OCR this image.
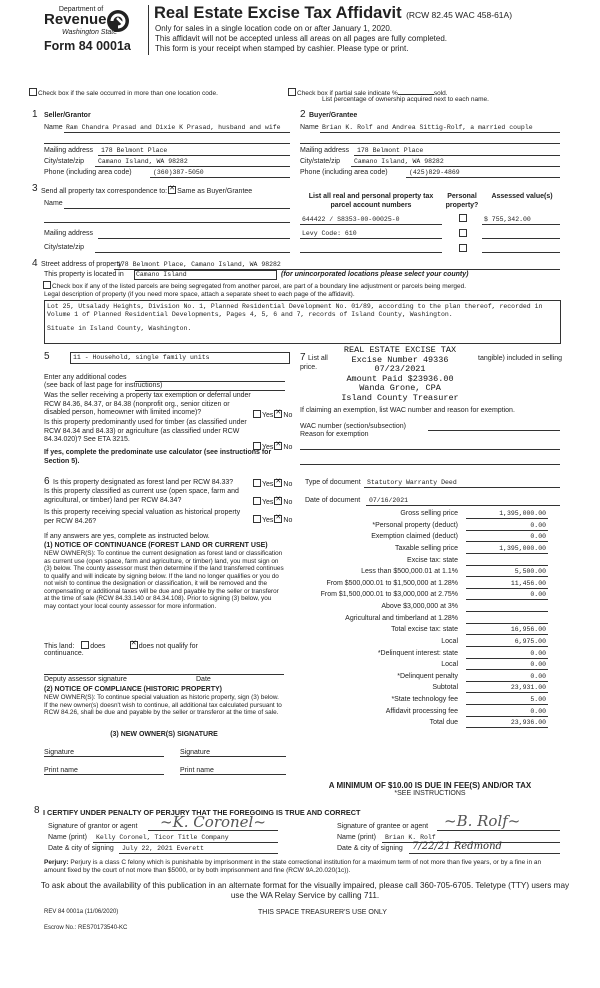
Department of
Revenue
Washington State
Form 84 0001a
Real Estate Excise Tax Affidavit (RCW 82.45 WAC 458-61A)
Only for sales in a single location code on or after January 1, 2020.
This affidavit will not be accepted unless all areas on all pages are fully completed.
This form is your receipt when stamped by cashier. Please type or print.
Check box if the sale occurred in more than one location code.	Check box if partial sale indicate %	sold.
List percentage of ownership acquired next to each name.
1 Seller/Grantor
Name Ram Chandra Prasad and Dixie K Prasad, husband and wife
Mailing address 178 Belmont Place
City/state/zip Camano Island, WA 98282
Phone (including area code)	(360)387-5050
2 Buyer/Grantee
Name Brian K. Rolf and Andrea Sittig-Rolf, a married couple
Mailing address 178 Belmont Place
City/state/zip Camano Island, WA 98282
Phone (including area code)	(425)829-4869
3 Send all property tax correspondence to: ✕ Same as Buyer/Grantee
Name
Mailing address
City/state/zip
List all real and personal property tax parcel account numbers
Personal property?
Assessed value(s)
644422 / S8353-00-00025-0	$ 755,342.00
Levy Code: 610
4 Street address of property
178 Belmont Place, Camano Island, WA 98282
This property is located in	Camano Island	(for unincorporated locations please select your county)
Check box if any of the listed parcels are being segregated from another parcel, are part of a boundary line adjustment or parcels being merged.
Legal description of property (if you need more space, attach a separate sheet to each page of the affidavit).
Lot 25, Utsalady Heights, Division No. 1, Planned Residential Development No. 01/89, according to the plan thereof, recorded in Volume 1 of Planned Residential Developments, Pages 4, 5, 6 and 7, records of Island County, Washington.
Situate in Island County, Washington.
5	11 - Household, single family units
Enter any additional codes
(see back of last page for instructions)
Was the seller receiving a property tax exemption or deferral under RCW 84.36, 84.37, or 84.38 (nonprofit org., senior citizen or disabled person, homeowner with limited income)?	Yes ✕ No
Is this property predominantly used for timber (as classified under RCW 84.34 and 84.33) or agriculture (as classified under RCW 84.34.020)? See ETA 3215.
Yes ✕ No
If yes, complete the predominate use calculator (see instructions for Section 5).
7 List all	tangible) included in selling
price.
REAL ESTATE EXCISE TAX
Excise Number 49336
07/23/2021
Amount Paid $23936.00
Wanda Grone, CPA
Island County Treasurer
If claiming an exemption, list WAC number and reason for exemption.
WAC number (section/subsection)
Reason for exemption
6 Is this property designated as forest land per RCW 84.33?	Yes ✕ No
Is this property classified as current use (open space, farm and agricultural, or timber) land per RCW 84.34?	Yes ✕ No
Is this property receiving special valuation as historical property per RCW 84.26?	Yes ✕ No
If any answers are yes, complete as instructed below.
(1) NOTICE OF CONTINUANCE (FOREST LAND OR CURRENT USE)
NEW OWNER(S): To continue the current designation as forest land or classification as current use (open space, farm and agriculture, or timber) land, you must sign on (3) below. The county assessor must then determine if the land transferred continues to qualify and will indicate by signing below. If the land no longer qualifies or you do not wish to continue the designation or classification, it will be removed and the compensating or additional taxes will be due and payable by the seller or transferor at the time of sale (RCW 84.33.140 or 84.34.108). Prior to signing (3) below, you may contact your local county assessor for more information.
This land: does ✕	does not qualify for
continuance.
Deputy assessor signature	Date
(2) NOTICE OF COMPLIANCE (HISTORIC PROPERTY)
NEW OWNER(S): To continue special valuation as historic property, sign (3) below. If the new owner(s) doesn't wish to continue, all additional tax calculated pursuant to RCW 84.26, shall be due and payable by the seller or transferor at the time of sale.
(3) NEW OWNER(S) SIGNATURE
Signature	Signature
Print name	Print name
Type of document Statutory Warranty Deed
Date of document 07/16/2021
Gross selling price	1,395,000.00
*Personal property (deduct)	0.00
Exemption claimed (deduct)	0.00
Taxable selling price	1,395,000.00
Excise tax: state
Less than $500,000.01 at 1.1%	5,500.00
From $500,000.01 to $1,500,000 at 1.28%	11,456.00
From $1,500,000.01 to $3,000,000 at 2.75%	0.00
Above $3,000,000 at 3%
Agricultural and timberland at 1.28%
Total excise tax: state	16,956.00
Local	6,975.00
*Delinquent interest: state	0.00
Local	0.00
*Delinquent penalty	0.00
Subtotal	23,931.00
*State technology fee	5.00
Affidavit processing fee	0.00
Total due	23,936.00
A MINIMUM OF $10.00 IS DUE IN FEE(S) AND/OR TAX
*SEE INSTRUCTIONS
8 I CERTIFY UNDER PENALTY OF PERJURY THAT THE FOREGOING IS TRUE AND CORRECT
Signature of grantor or agent ~K. Coronel~
Name (print) Kelly Coronel, Ticor Title Company
Date & city of signing July 22, 2021 Everett
Signature of grantee or agent ~B. Rolf~
Name (print) Brian K. Rolf
Date & city of signing 7/22/21 Redmond
Perjury: Perjury is a class C felony which is punishable by imprisonment in the state correctional institution for a maximum term of not more than five years, or by a fine in an amount fixed by the court of not more than $5000, or by both imprisonment and fine (RCW 9A.20.020(1c)).
To ask about the availability of this publication in an alternate format for the visually impaired, please call 360-705-6705. Teletype (TTY) users may use the WA Relay Service by calling 711.
REV 84 0001a (11/06/2020)	THIS SPACE TREASURER'S USE ONLY
Escrow No.: RES70173540-KC
